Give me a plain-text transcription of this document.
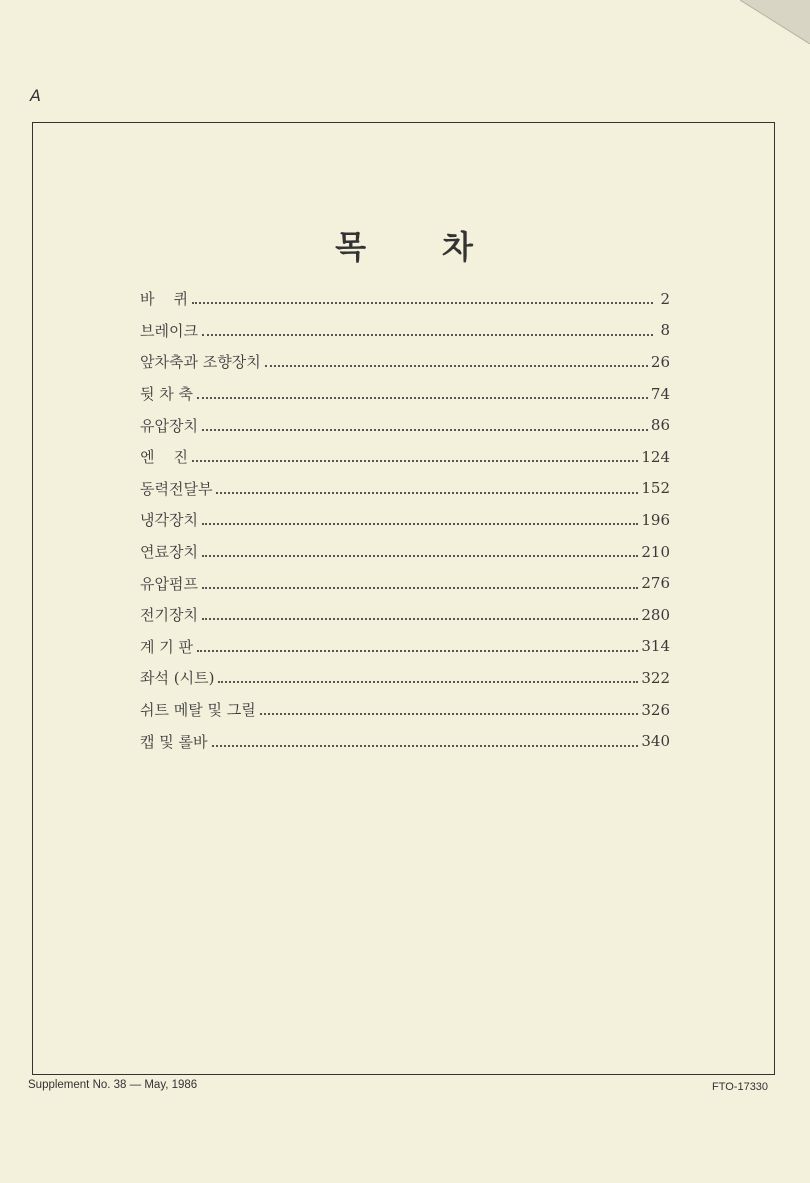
A
목 차
바    퀴	2
브레이크	8
앞차축과 조향장치	26
뒷 차 축	74
유압장치	86
엔    진	124
동력전달부	152
냉각장치	196
연료장치	210
유압펌프	276
전기장치	280
계 기 판	314
좌석 (시트)	322
쉬트 메탈 및 그릴	326
캡 및 롤바	340
Supplement No. 38 — May, 1986	FTO-17330
